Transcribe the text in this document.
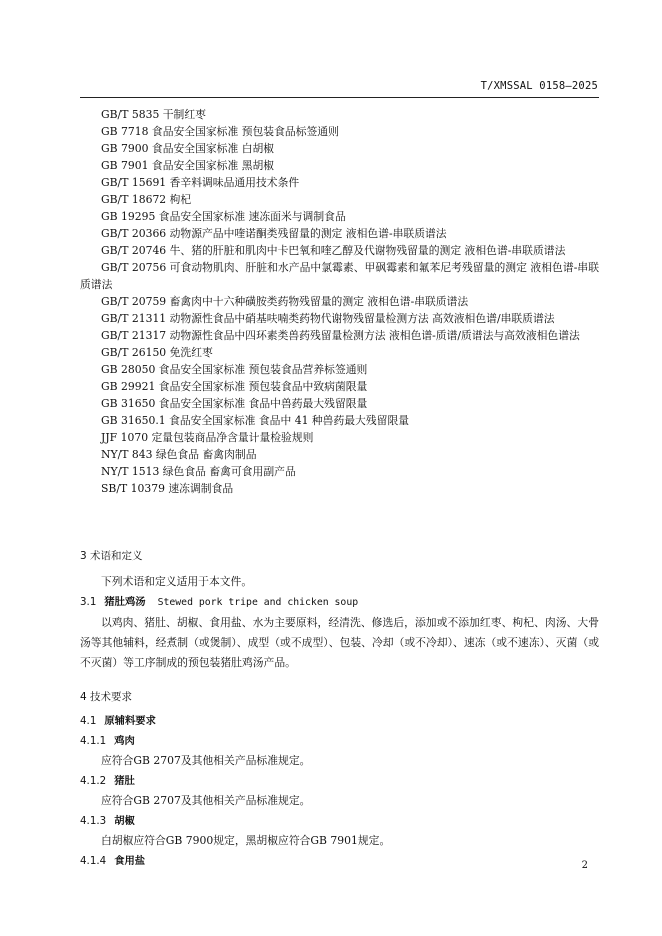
T/XMSSAL 0158—2025
GB/T 5835 干制红枣
GB 7718 食品安全国家标准 预包装食品标签通则
GB 7900 食品安全国家标准 白胡椒
GB 7901 食品安全国家标准 黑胡椒
GB/T 15691 香辛料调味品通用技术条件
GB/T 18672 枸杞
GB 19295 食品安全国家标准 速冻面米与调制食品
GB/T 20366 动物源产品中喹诺酮类残留量的测定 液相色谱-串联质谱法
GB/T 20746 牛、猪的肝脏和肌肉中卡巴氧和喹乙醇及代谢物残留量的测定 液相色谱-串联质谱法
GB/T 20756 可食动物肌肉、肝脏和水产品中氯霉素、甲砜霉素和氟苯尼考残留量的测定 液相色谱-串联质谱法
GB/T 20759 畜禽肉中十六种磺胺类药物残留量的测定 液相色谱-串联质谱法
GB/T 21311 动物源性食品中硝基呋喃类药物代谢物残留量检测方法 高效液相色谱/串联质谱法
GB/T 21317 动物源性食品中四环素类兽药残留量检测方法 液相色谱-质谱/质谱法与高效液相色谱法
GB/T 26150 免洗红枣
GB 28050 食品安全国家标准 预包装食品营养标签通则
GB 29921 食品安全国家标准 预包装食品中致病菌限量
GB 31650 食品安全国家标准 食品中兽药最大残留限量
GB 31650.1 食品安全国家标准 食品中 41 种兽药最大残留限量
JJF 1070 定量包装商品净含量计量检验规则
NY/T 843 绿色食品 畜禽肉制品
NY/T 1513 绿色食品 畜禽可食用副产品
SB/T 10379 速冻调制食品
3 术语和定义
下列术语和定义适用于本文件。
3.1 猪肚鸡汤 Stewed pork tripe and chicken soup
以鸡肉、猪肚、胡椒、食用盐、水为主要原料，经清洗、修选后，添加或不添加红枣、枸杞、肉汤、大骨汤等其他辅料，经煮制（或煲制）、成型（或不成型）、包装、冷却（或不冷却）、速冻（或不速冻）、灭菌（或不灭菌）等工序制成的预包装猪肚鸡汤产品。
4 技术要求
4.1 原辅料要求
4.1.1 鸡肉
应符合GB 2707及其他相关产品标准规定。
4.1.2 猪肚
应符合GB 2707及其他相关产品标准规定。
4.1.3 胡椒
白胡椒应符合GB 7900规定，黑胡椒应符合GB 7901规定。
4.1.4 食用盐	2
